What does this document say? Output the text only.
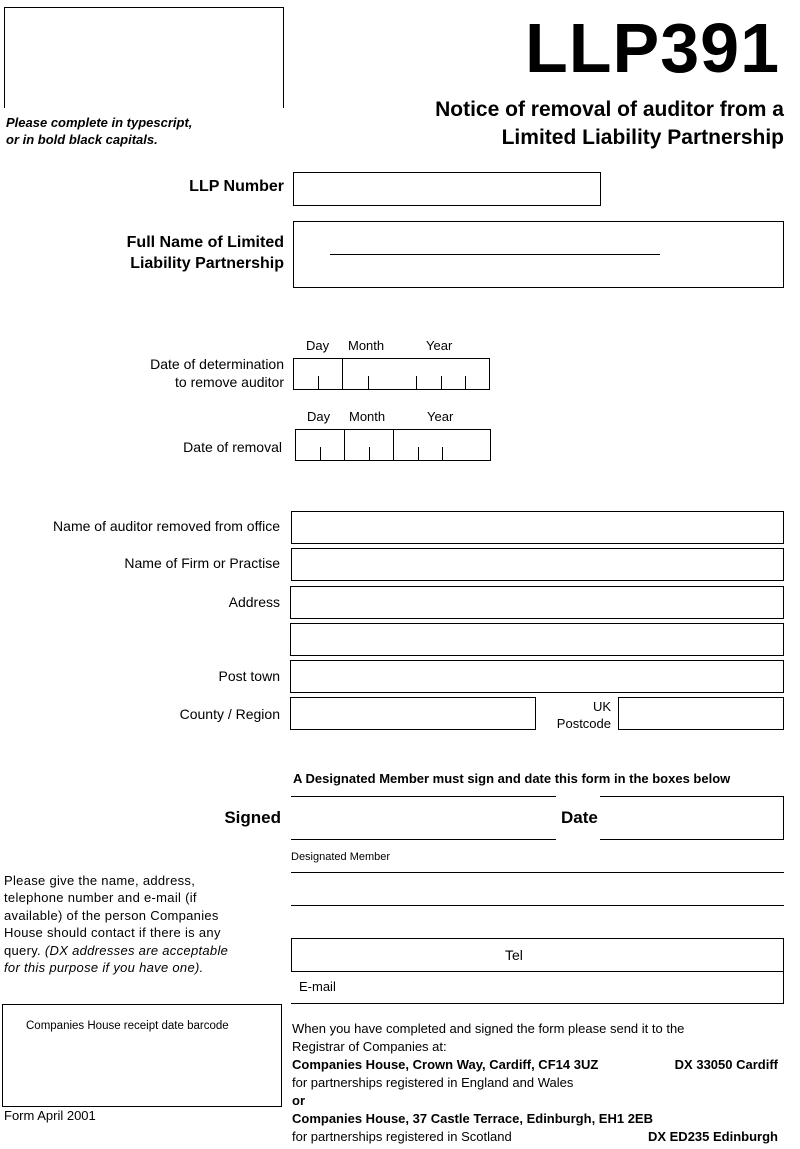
LLP391
Notice of removal of auditor from a
Limited Liability Partnership
Please complete in typescript,
or in bold black capitals.
LLP Number
Full Name of Limited
Liability Partnership
Day Month	Year
Date of determination
to remove auditor
Day Month	Year
Date of removal
Name of auditor removed from office
Name of Firm or Practise
Address
Post town
County / Region	UK
Postcode
A Designated Member must sign and date this form in the boxes below
Signed	Date
Designated Member
Please give the name, address,
telephone number and e-mail (if
available) of the person Companies
House should contact if there is any
query. (DX addresses are acceptable
for this purpose if you have one).
Tel
E-mail
Companies House receipt date barcode
Form April 2001
When you have completed and signed the form please send it to the
Registrar of Companies at:
Companies House, Crown Way, Cardiff, CF14 3UZ	DX 33050 Cardiff
for partnerships registered in England and Wales
or
Companies House, 37 Castle Terrace, Edinburgh, EH1 2EB
for partnerships registered in Scotland	DX ED235 Edinburgh
